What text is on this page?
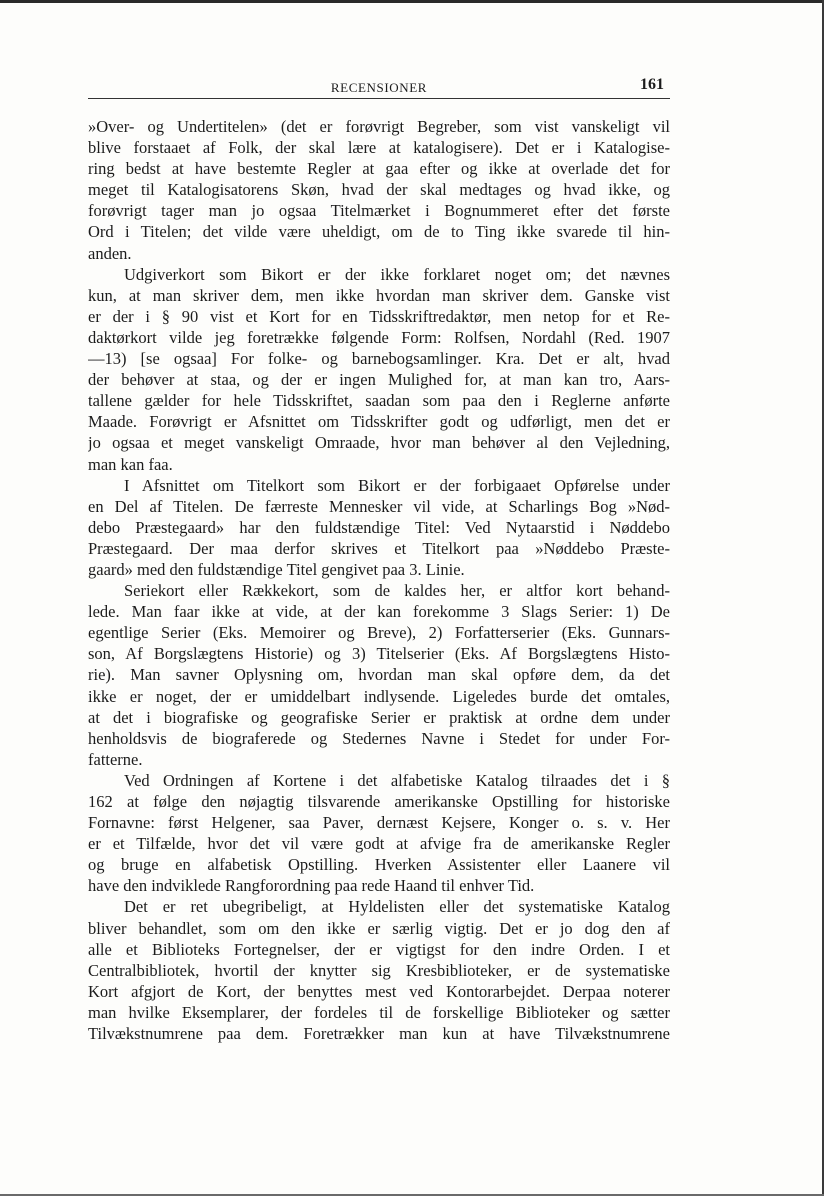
RECENSIONER	161
»Over- og Undertitelen» (det er forøvrigt Begreber, som vist vanskeligt vil
blive forstaaet af Folk, der skal lære at katalogisere). Det er i Katalogise-
ring bedst at have bestemte Regler at gaa efter og ikke at overlade det for
meget til Katalogisatorens Skøn, hvad der skal medtages og hvad ikke, og
forøvrigt tager man jo ogsaa Titelmærket i Bognummeret efter det første
Ord i Titelen; det vilde være uheldigt, om de to Ting ikke svarede til hin-
anden.
Udgiverkort som Bikort er der ikke forklaret noget om; det nævnes
kun, at man skriver dem, men ikke hvordan man skriver dem. Ganske vist
er der i § 90 vist et Kort for en Tidsskriftredaktør, men netop for et Re-
daktørkort vilde jeg foretrække følgende Form: Rolfsen, Nordahl (Red. 1907
—13) [se ogsaa] For folke- og barnebogsamlinger. Kra. Det er alt, hvad
der behøver at staa, og der er ingen Mulighed for, at man kan tro, Aars-
tallene gælder for hele Tidsskriftet, saadan som paa den i Reglerne anførte
Maade. Forøvrigt er Afsnittet om Tidsskrifter godt og udførligt, men det er
jo ogsaa et meget vanskeligt Omraade, hvor man behøver al den Vejledning,
man kan faa.
I Afsnittet om Titelkort som Bikort er der forbigaaet Opførelse under
en Del af Titelen. De færreste Mennesker vil vide, at Scharlings Bog »Nød-
debo Præstegaard» har den fuldstændige Titel: Ved Nytaarstid i Nøddebo
Præstegaard. Der maa derfor skrives et Titelkort paa »Nøddebo Præste-
gaard» med den fuldstændige Titel gengivet paa 3. Linie.
Seriekort eller Rækkekort, som de kaldes her, er altfor kort behand-
lede. Man faar ikke at vide, at der kan forekomme 3 Slags Serier: 1) De
egentlige Serier (Eks. Memoirer og Breve), 2) Forfatterserier (Eks. Gunnars-
son, Af Borgslægtens Historie) og 3) Titelserier (Eks. Af Borgslægtens Histo-
rie). Man savner Oplysning om, hvordan man skal opføre dem, da det
ikke er noget, der er umiddelbart indlysende. Ligeledes burde det omtales,
at det i biografiske og geografiske Serier er praktisk at ordne dem under
henholdsvis de biograferede og Stedernes Navne i Stedet for under For-
fatterne.
Ved Ordningen af Kortene i det alfabetiske Katalog tilraades det i §
162 at følge den nøjagtig tilsvarende amerikanske Opstilling for historiske
Fornavne: først Helgener, saa Paver, dernæst Kejsere, Konger o. s. v. Her
er et Tilfælde, hvor det vil være godt at afvige fra de amerikanske Regler
og bruge en alfabetisk Opstilling. Hverken Assistenter eller Laanere vil
have den indviklede Rangforordning paa rede Haand til enhver Tid.
Det er ret ubegribeligt, at Hyldelisten eller det systematiske Katalog
bliver behandlet, som om den ikke er særlig vigtig. Det er jo dog den af
alle et Biblioteks Fortegnelser, der er vigtigst for den indre Orden. I et
Centralbibliotek, hvortil der knytter sig Kresbiblioteker, er de systematiske
Kort afgjort de Kort, der benyttes mest ved Kontorarbejdet. Derpaa noterer
man hvilke Eksemplarer, der fordeles til de forskellige Biblioteker og sætter
Tilvækstnumrene paa dem. Foretrækker man kun at have Tilvækstnumrene
